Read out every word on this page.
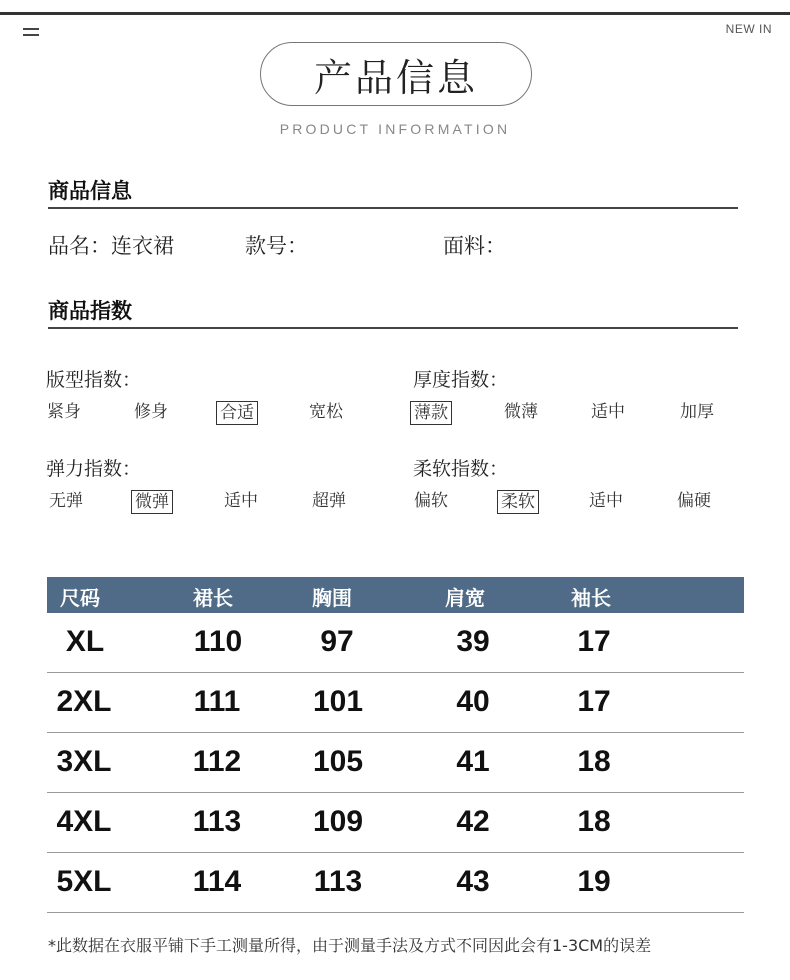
NEW IN
产品信息
PRODUCT INFORMATION
商品信息
品名：连衣裙	款号：	面料：
商品指数
版型指数：
紧身	修身	合适	宽松
厚度指数：
薄款	微薄	适中	加厚
弹力指数：
无弹	微弹	适中	超弹
柔软指数：
偏软	柔软	适中	偏硬
尺码	裙长	胸围	肩宽	袖长
XL	110	97	39	17
2XL	111	101	40	17
3XL	112	105	41	18
4XL	113	109	42	18
5XL	114	113	43	19
*此数据在衣服平铺下手工测量所得，由于测量手法及方式不同因此会有1-3CM的误差
